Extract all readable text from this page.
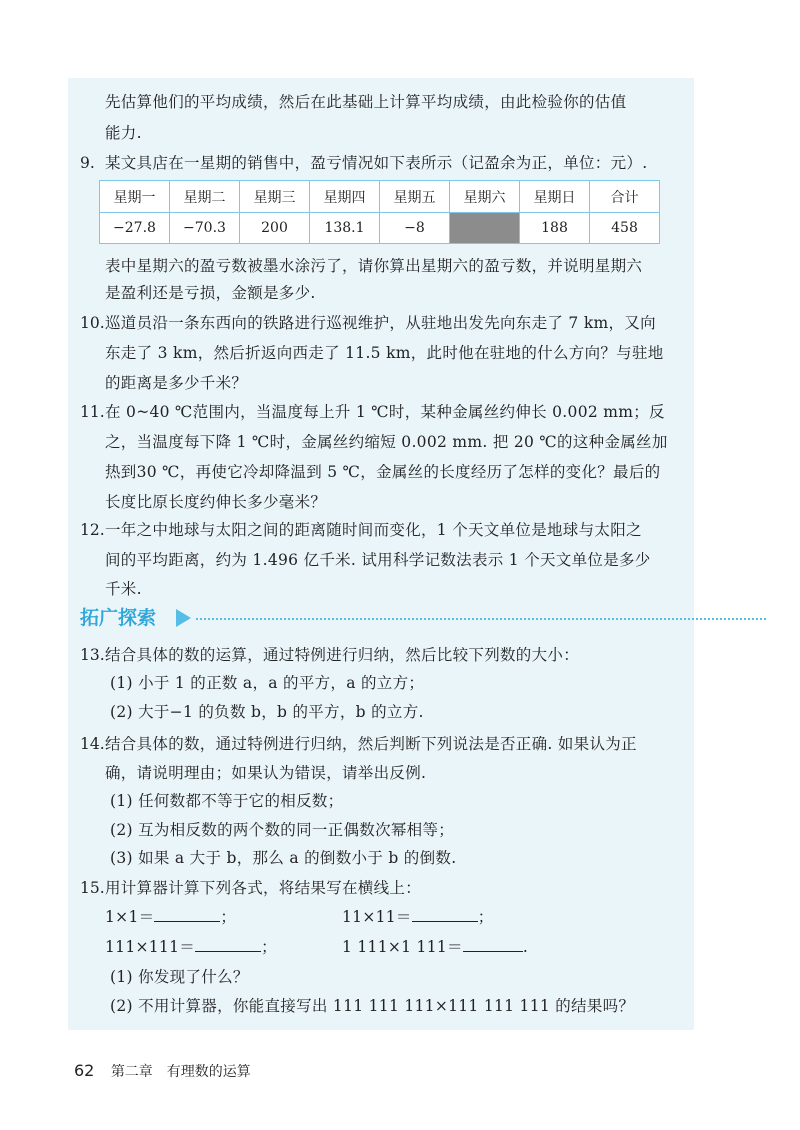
先估算他们的平均成绩，然后在此基础上计算平均成绩，由此检验你的估值
能力.
9. 某文具店在一星期的销售中，盈亏情况如下表所示（记盈余为正，单位：元）.
星期一	星期二	星期三	星期四	星期五	星期六	星期日	合计
−27.8	−70.3	200	138.1	−8		188	458
表中星期六的盈亏数被墨水涂污了，请你算出星期六的盈亏数，并说明星期六
是盈利还是亏损，金额是多少.
10. 巡道员沿一条东西向的铁路进行巡视维护，从驻地出发先向东走了 7 km，又向
东走了 3 km，然后折返向西走了 11.5 km，此时他在驻地的什么方向？与驻地
的距离是多少千米？
11. 在 0~40 ℃范围内，当温度每上升 1 ℃时，某种金属丝约伸长 0.002 mm；反
之，当温度每下降 1 ℃时，金属丝约缩短 0.002 mm. 把 20 ℃的这种金属丝加
热到30 ℃，再使它冷却降温到 5 ℃，金属丝的长度经历了怎样的变化？最后的
长度比原长度约伸长多少毫米？
12. 一年之中地球与太阳之间的距离随时间而变化，1 个天文单位是地球与太阳之
间的平均距离，约为 1.496 亿千米. 试用科学记数法表示 1 个天文单位是多少
千米.
拓广探索
13. 结合具体的数的运算，通过特例进行归纳，然后比较下列数的大小：
(1) 小于 1 的正数 a，a 的平方，a 的立方；
(2) 大于−1 的负数 b，b 的平方，b 的立方.
14. 结合具体的数，通过特例进行归纳，然后判断下列说法是否正确. 如果认为正
确，请说明理由；如果认为错误，请举出反例.
(1) 任何数都不等于它的相反数；
(2) 互为相反数的两个数的同一正偶数次幂相等；
(3) 如果 a 大于 b，那么 a 的倒数小于 b 的倒数.
15. 用计算器计算下列各式，将结果写在横线上：
1×1＝	；	11×11＝	；
111×111＝	；	1 111×1 111＝	.
(1) 你发现了什么？
(2) 不用计算器，你能直接写出 111 111 111×111 111 111 的结果吗？
62 第二章　有理数的运算
